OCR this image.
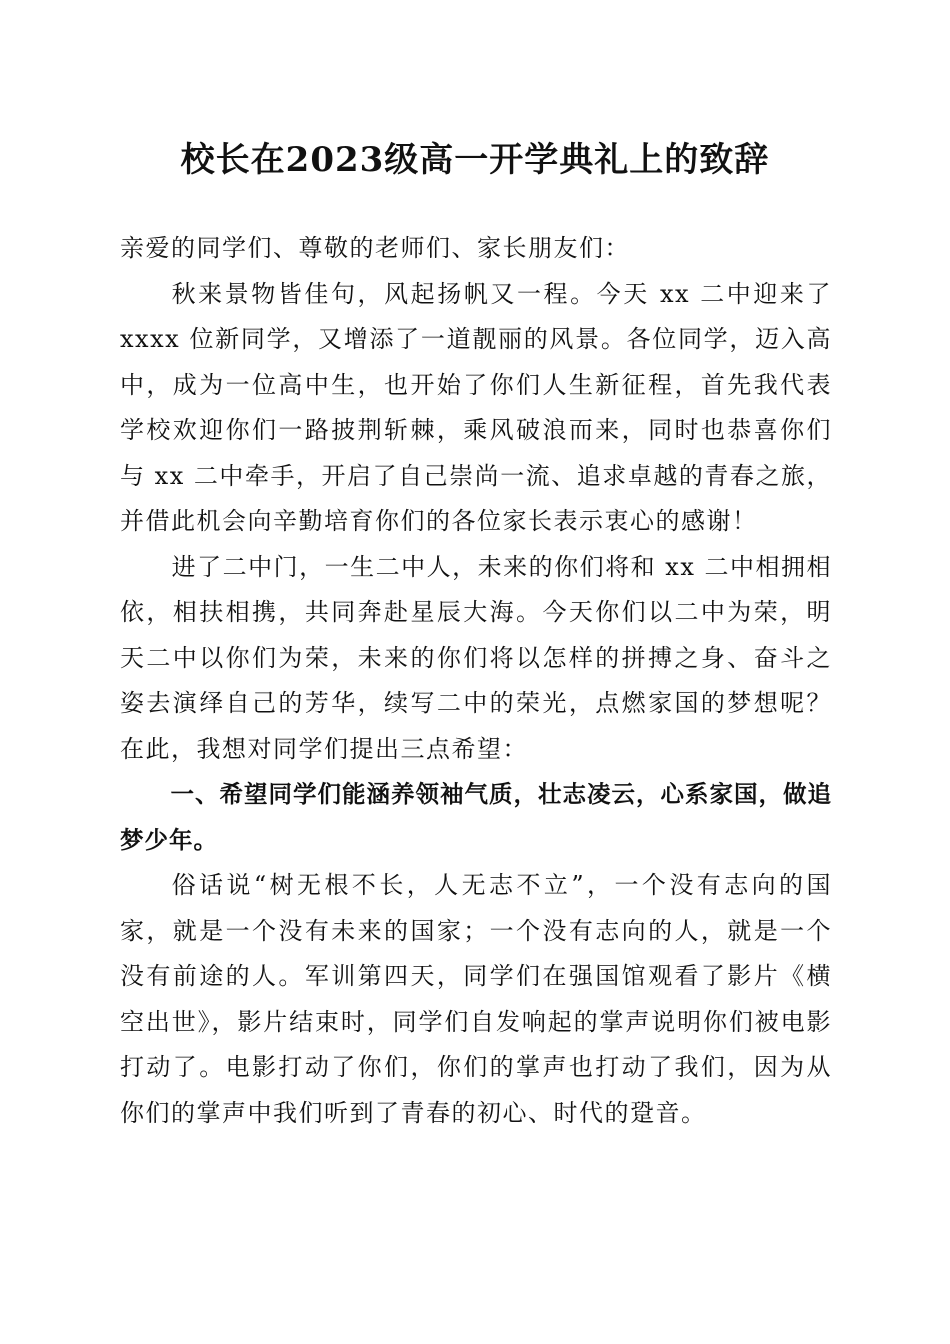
校长在2023级高一开学典礼上的致辞

亲爱的同学们、尊敬的老师们、家长朋友们：

秋来景物皆佳句，风起扬帆又一程。今天 xx 二中迎来了 xxxx 位新同学，又增添了一道靓丽的风景。各位同学，迈入高中，成为一位高中生，也开始了你们人生新征程，首先我代表学校欢迎你们一路披荆斩棘，乘风破浪而来，同时也恭喜你们与 xx 二中牵手，开启了自己崇尚一流、追求卓越的青春之旅，并借此机会向辛勤培育你们的各位家长表示衷心的感谢！

进了二中门，一生二中人，未来的你们将和 xx 二中相拥相依，相扶相携，共同奔赴星辰大海。今天你们以二中为荣，明天二中以你们为荣，未来的你们将以怎样的拼搏之身、奋斗之姿去演绎自己的芳华，续写二中的荣光，点燃家国的梦想呢？在此，我想对同学们提出三点希望：

一、希望同学们能涵养领袖气质，壮志凌云，心系家国，做追梦少年。

俗话说“树无根不长，人无志不立”，一个没有志向的国家，就是一个没有未来的国家；一个没有志向的人，就是一个没有前途的人。军训第四天，同学们在强国馆观看了影片《横空出世》，影片结束时，同学们自发响起的掌声说明你们被电影打动了。电影打动了你们，你们的掌声也打动了我们，因为从你们的掌声中我们听到了青春的初心、时代的跫音。
